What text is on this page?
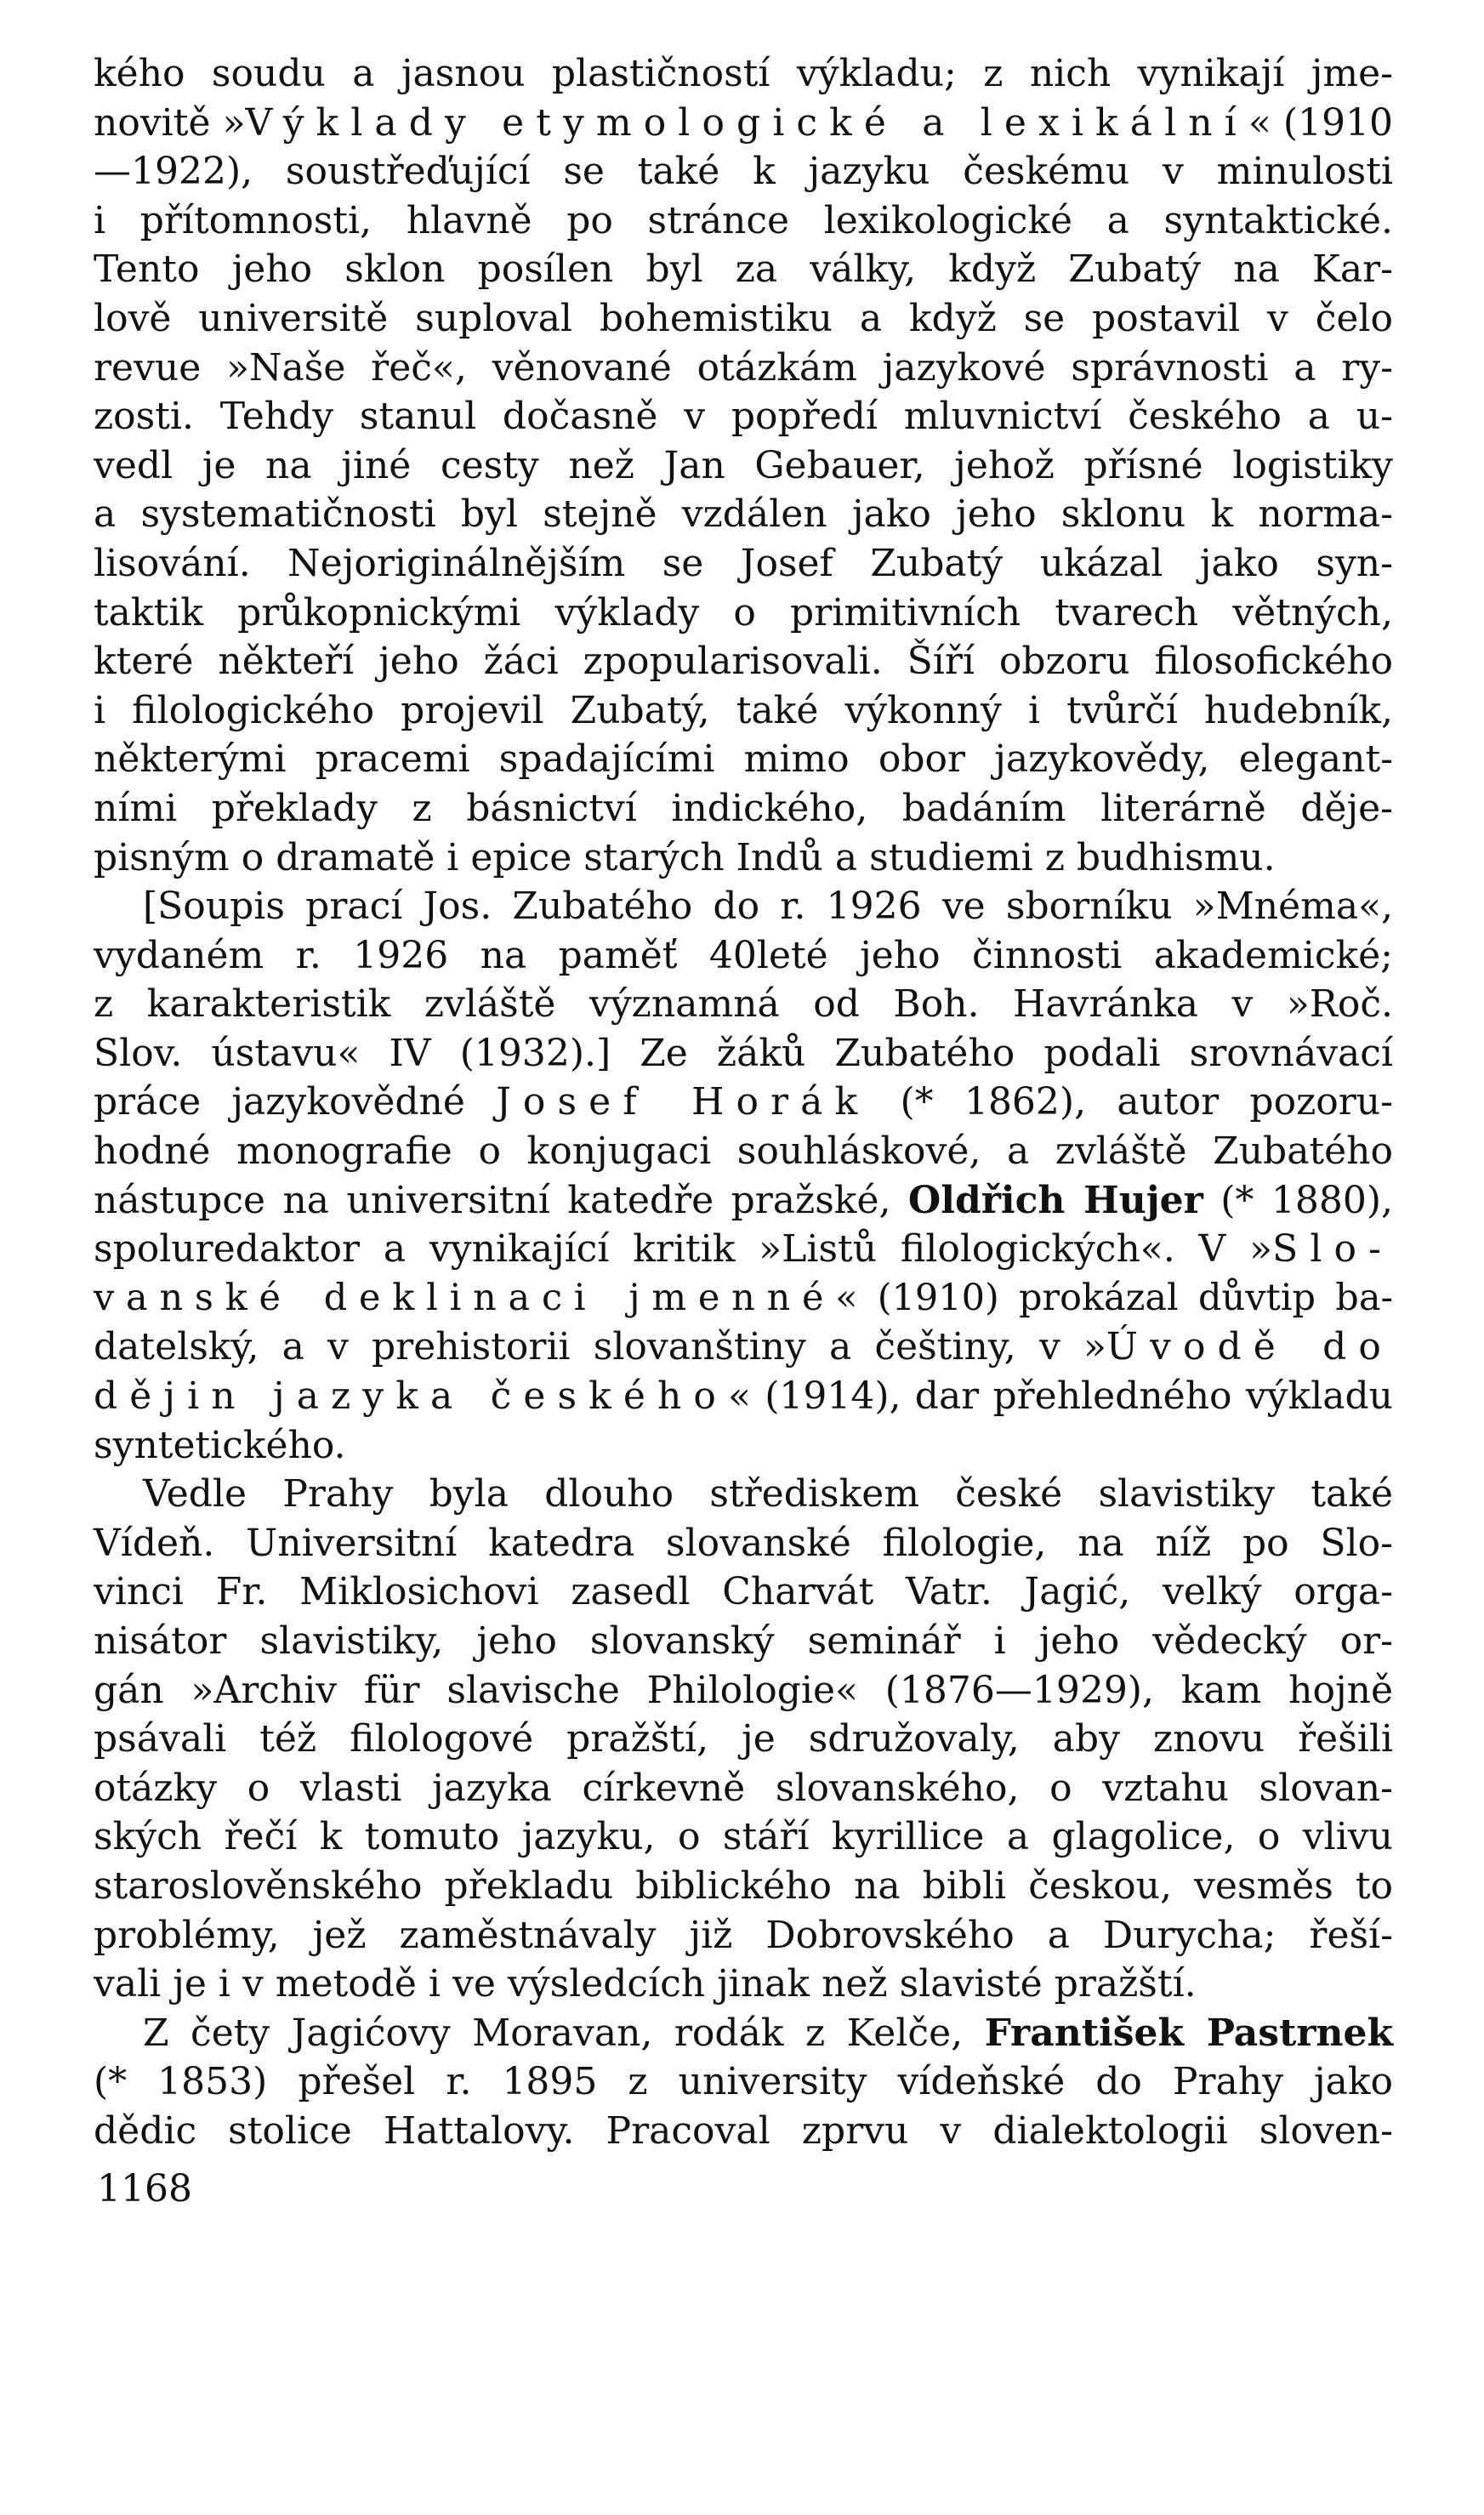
kého soudu a jasnou plastičností výkladu; z nich vynikají jme-
novitě »Výklady etymologické a lexikální« (1910
—1922), soustřeďující se také k jazyku českému v minulosti
i přítomnosti, hlavně po stránce lexikologické a syntaktické.
Tento jeho sklon posílen byl za války, když Zubatý na Kar-
lově universitě suploval bohemistiku a když se postavil v čelo
revue »Naše řeč«, věnované otázkám jazykové správnosti a ry-
zosti. Tehdy stanul dočasně v popředí mluvnictví českého a u-
vedl je na jiné cesty než Jan Gebauer, jehož přísné logistiky
a systematičnosti byl stejně vzdálen jako jeho sklonu k norma-
lisování. Nejoriginálnějším se Josef Zubatý ukázal jako syn-
taktik průkopnickými výklady o primitivních tvarech větných,
které někteří jeho žáci zpopularisovali. Šíří obzoru filosofického
i filologického projevil Zubatý, také výkonný i tvůrčí hudebník,
některými pracemi spadajícími mimo obor jazykovědy, elegant-
ními překlady z básnictví indického, badáním literárně děje-
pisným o dramatě i epice starých Indů a studiemi z budhismu.
[Soupis prací Jos. Zubatého do r. 1926 ve sborníku »Mnéma«,
vydaném r. 1926 na paměť 40leté jeho činnosti akademické;
z karakteristik zvláště významná od Boh. Havránka v »Roč.
Slov. ústavu« IV (1932).] Ze žáků Zubatého podali srovnávací
práce jazykovědné Josef Horák (* 1862), autor pozoru-
hodné monografie o konjugaci souhláskové, a zvláště Zubatého
nástupce na universitní katedře pražské, Oldřich Hujer (* 1880),
spoluredaktor a vynikající kritik »Listů filologických«. V »Slo-
vanské deklinaci jmenné« (1910) prokázal důvtip ba-
datelský, a v prehistorii slovanštiny a češtiny, v »Úvodě do
dějin jazyka českého« (1914), dar přehledného výkladu
syntetického.
Vedle Prahy byla dlouho střediskem české slavistiky také
Vídeň. Universitní katedra slovanské filologie, na níž po Slo-
vinci Fr. Miklosichovi zasedl Charvát Vatr. Jagić, velký orga-
nisátor slavistiky, jeho slovanský seminář i jeho vědecký or-
gán »Archiv für slavische Philologie« (1876—1929), kam hojně
psávali též filologové pražští, je sdružovaly, aby znovu řešili
otázky o vlasti jazyka církevně slovanského, o vztahu slovan-
ských řečí k tomuto jazyku, o stáří kyrillice a glagolice, o vlivu
staroslověnského překladu biblického na bibli českou, vesměs to
problémy, jež zaměstnávaly již Dobrovského a Durycha; řeší-
vali je i v metodě i ve výsledcích jinak než slavisté pražští.
Z čety Jagićovy Moravan, rodák z Kelče, František Pastrnek
(* 1853) přešel r. 1895 z university vídeňské do Prahy jako
dědic stolice Hattalovy. Pracoval zprvu v dialektologii sloven-
1168
